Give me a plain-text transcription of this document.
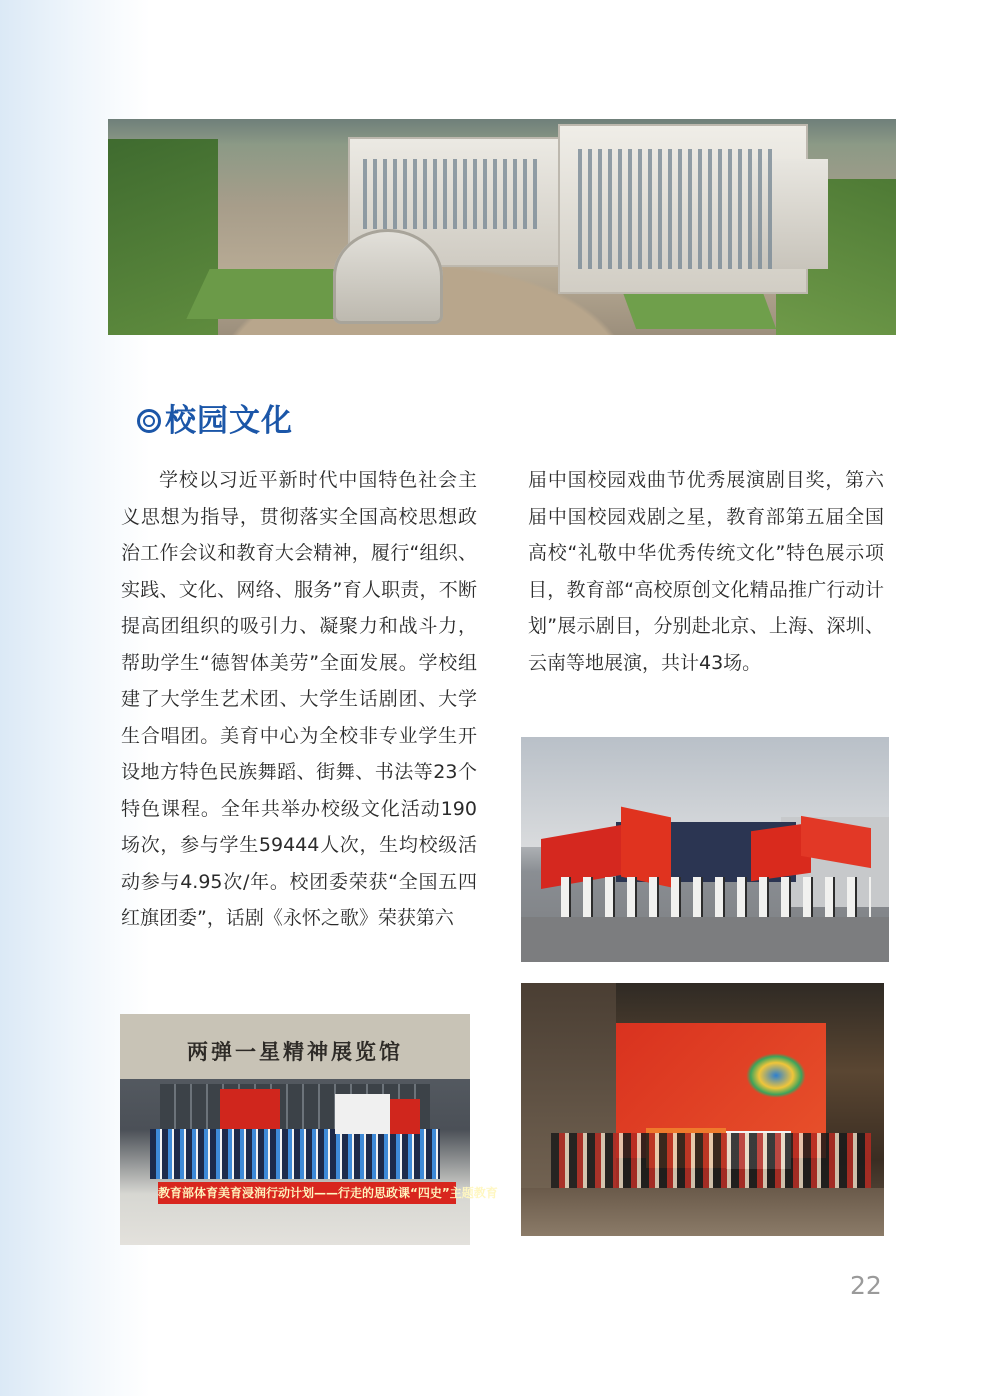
校园文化
学校以习近平新时代中国特色社会主义思想为指导，贯彻落实全国高校思想政治工作会议和教育大会精神，履行“组织、实践、文化、网络、服务”育人职责，不断提高团组织的吸引力、凝聚力和战斗力，帮助学生“德智体美劳”全面发展。学校组建了大学生艺术团、大学生话剧团、大学生合唱团。美育中心为全校非专业学生开设地方特色民族舞蹈、街舞、书法等23个特色课程。全年共举办校级文化活动190场次，参与学生59444人次，生均校级活动参与4.95次/年。校团委荣获“全国五四红旗团委”，话剧《永怀之歌》荣获第六
届中国校园戏曲节优秀展演剧目奖，第六届中国校园戏剧之星，教育部第五届全国高校“礼敬中华优秀传统文化”特色展示项目，教育部“高校原创文化精品推广行动计划”展示剧目，分别赴北京、上海、深圳、云南等地展演，共计43场。
两弹一星精神展览馆
教育部体育美育浸润行动计划——行走的思政课“四史”主题教育
22
